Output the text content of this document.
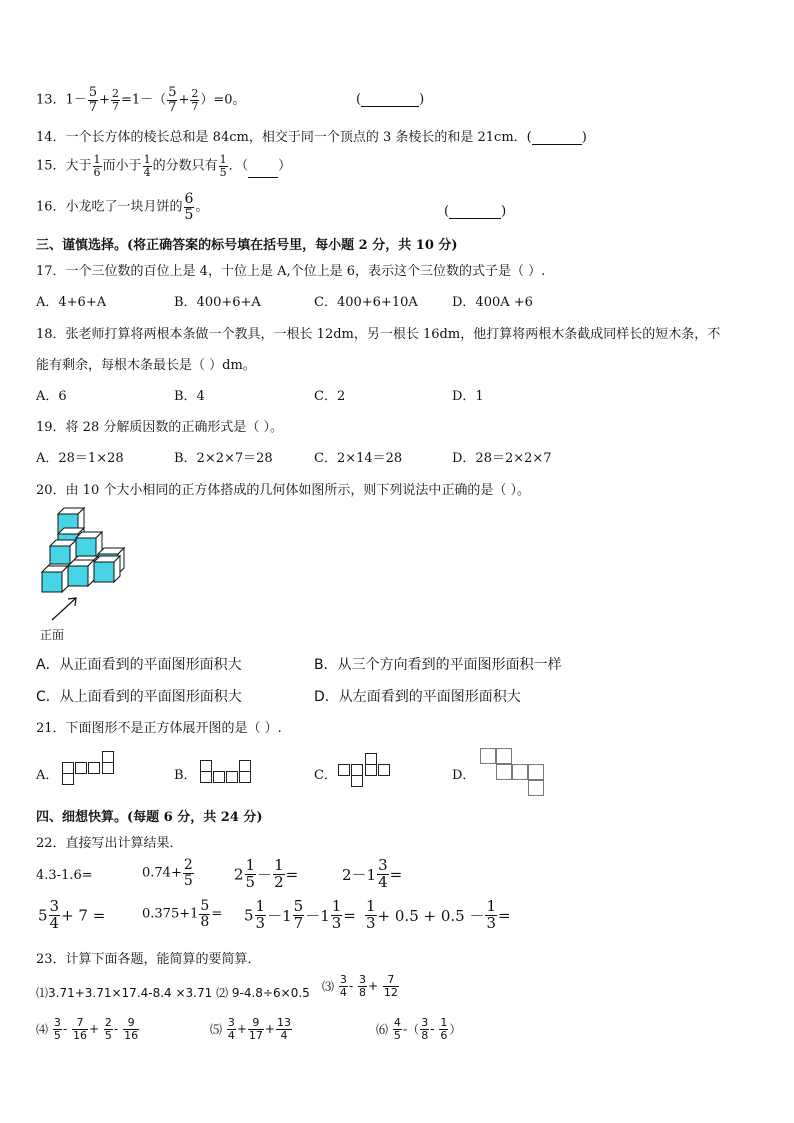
13．$1- \frac{5}{7} + \frac{2}{7} =1-( \frac{5}{7} + \frac{2}{7} )=0$。	(	)
14．一个长方体的棱长总和是 84cm，相交于同一个顶点的 3 条棱长的和是 21cm．(	)
15．大于 $\frac{1}{6}$ 而小于 $\frac{1}{4}$ 的分数只有 $\frac{1}{5}$ ．（ ）
16．小龙吃了一块月饼的 $\frac{6}{5}$ 。	(	)
三、谨慎选择。(将正确答案的标号填在括号里，每小题 2 分，共 10 分)
17．一个三位数的百位上是 4，十位上是 A,个位上是 6，表示这个三位数的式子是（ ）.
A．4+6+A	B．400+6+A	C．400+6+10A	D．400A +6
18．张老师打算将两根本条做一个教具，一根长 12dm，另一根长 16dm，他打算将两根木条截成同样长的短木条，不
能有剩余，每根木条最长是（ ）dm。
A．6	B．4	C．2	D．1
19．将 28 分解质因数的正确形式是（ ）。
A．28＝1×28	B．2×2×7＝28	C．2×14＝28	D．28＝2×2×7
20．由 10 个大小相同的正方体搭成的几何体如图所示，则下列说法中正确的是（ ）。
正面
A．从正面看到的平面图形面积大	B．从三个方向看到的平面图形面积一样
C．从上面看到的平面图形面积大	D．从左面看到的平面图形面积大
21．下面图形不是正方体展开图的是（ ）.
A．	B．	C．	D．
四、细想快算。(每题 6 分，共 24 分)
22．直接写出计算结果．
4.3-1.6=	$0.74+ \frac{2}{5}$	$2 \frac{1}{5} - \frac{1}{2}$ =	$2-1 \frac{3}{4}$ =
$5 \frac{3}{4} + 7$ =	$0.375+1 \frac{5}{8} = 5 \frac{1}{3} -1 \frac{5}{7} -1 \frac{1}{3} = \frac{1}{3} + 0.5 + 0.5 - \frac{1}{3}$ =
23．计算下面各题，能简算的要简算．
⑴3.71+3.71×17.4-8.4 ×3.71 ⑵ 9-4.8÷6×0.5 ⑶ $\frac{3}{4} - \frac{3}{8} + \frac{7}{12}$
⑷ $\frac{3}{5} - \frac{7}{16} + \frac{2}{5} - \frac{9}{16}$	⑸ $\frac{3}{4} + \frac{9}{17} + \frac{13}{4}$	⑹ $\frac{4}{5}$ -（ $\frac{3}{8} - \frac{1}{6}$ ）
